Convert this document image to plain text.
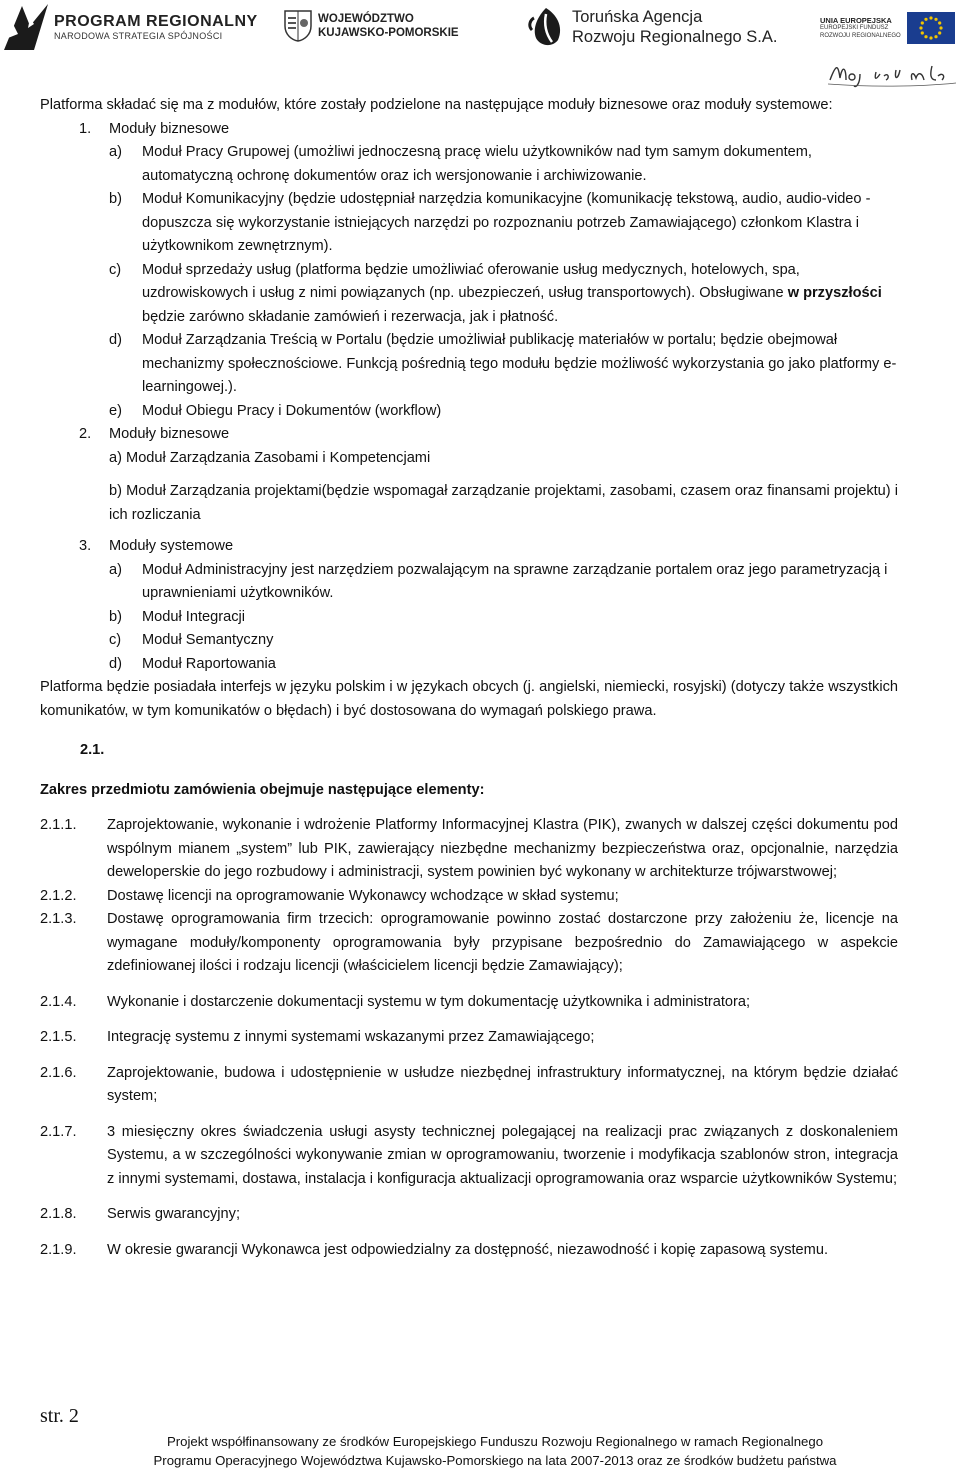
PROGRAM REGIONALNY
NARODOWA STRATEGIA SPÓJNOŚCI
WOJEWÓDZTWO
KUJAWSKO-POMORSKIE
Toruńska Agencja
Rozwoju Regionalnego S.A.
UNIA EUROPEJSKA
EUROPEJSKI FUNDUSZ
ROZWOJU REGIONALNEGO
Mój region w Europie

Platforma składać się ma z modułów, które zostały podzielone na następujące moduły biznesowe oraz moduły systemowe:

1.	Moduły biznesowe
a)	Moduł Pracy Grupowej (umożliwi jednoczesną pracę wielu użytkowników nad tym samym dokumentem, automatyczną ochronę dokumentów oraz ich wersjonowanie i archiwizowanie.
b)	Moduł Komunikacyjny (będzie udostępniał narzędzia komunikacyjne (komunikację tekstową, audio, audio-video - dopuszcza się wykorzystanie istniejących narzędzi po rozpoznaniu potrzeb Zamawiającego) członkom Klastra i użytkownikom zewnętrznym).
c)	Moduł sprzedaży usług (platforma będzie umożliwiać oferowanie usług medycznych, hotelowych, spa, uzdrowiskowych i usług z nimi powiązanych (np. ubezpieczeń, usług transportowych). Obsługiwane w przyszłości będzie zarówno składanie zamówień i rezerwacja, jak i płatność.
d)	Moduł Zarządzania Treścią w Portalu (będzie umożliwiał publikację materiałów w portalu; będzie obejmował mechanizmy społecznościowe. Funkcją pośrednią tego modułu będzie możliwość wykorzystania go jako platformy e-learningowej.).
e)	Moduł Obiegu Pracy i Dokumentów (workflow)
2.	Moduły biznesowe

a) Moduł Zarządzania Zasobami i Kompetencjami

b) Moduł Zarządzania projektami(będzie wspomagał zarządzanie projektami, zasobami, czasem oraz finansami projektu) i ich rozliczania

3.	Moduły systemowe
a)	Moduł Administracyjny jest narzędziem pozwalającym na sprawne zarządzanie portalem oraz jego parametryzacją i uprawnieniami użytkowników.
b)	Moduł Integracji
c)	Moduł Semantyczny
d)	Moduł Raportowania

Platforma będzie posiadała interfejs w języku polskim i w językach obcych (j. angielski, niemiecki, rosyjski) (dotyczy także wszystkich komunikatów, w tym komunikatów o błędach) i być dostosowana do wymagań polskiego prawa.

2.1.

Zakres przedmiotu zamówienia obejmuje następujące elementy:

2.1.1.	Zaprojektowanie, wykonanie i wdrożenie Platformy Informacyjnej Klastra (PIK), zwanych w dalszej części dokumentu pod wspólnym mianem „system” lub PIK, zawierający niezbędne mechanizmy bezpieczeństwa oraz, opcjonalnie, narzędzia deweloperskie do jego rozbudowy i administracji, system powinien być wykonany w architekturze trójwarstwowej;
2.1.2.	Dostawę licencji na oprogramowanie Wykonawcy wchodzące w skład systemu;
2.1.3.	Dostawę oprogramowania firm trzecich: oprogramowanie powinno zostać dostarczone przy założeniu że, licencje na wymagane moduły/komponenty oprogramowania były przypisane bezpośrednio do Zamawiającego w aspekcie zdefiniowanej ilości i rodzaju licencji (właścicielem licencji będzie Zamawiający);
2.1.4.	Wykonanie i dostarczenie dokumentacji systemu w tym dokumentację użytkownika i administratora;
2.1.5.	Integrację systemu z innymi systemami wskazanymi przez Zamawiającego;
2.1.6.	Zaprojektowanie, budowa i udostępnienie w usłudze niezbędnej infrastruktury informatycznej, na którym będzie działać system;
2.1.7.	3 miesięczny okres świadczenia usługi asysty technicznej polegającej na realizacji prac związanych z doskonaleniem Systemu, a w szczególności wykonywanie zmian w oprogramowaniu, tworzenie i modyfikacja szablonów stron, integracja z innymi systemami, dostawa, instalacja i konfiguracja aktualizacji oprogramowania oraz wsparcie użytkowników Systemu;
2.1.8.	Serwis gwarancyjny;
2.1.9.	W okresie gwarancji Wykonawca jest odpowiedzialny za dostępność, niezawodność i kopię zapasową systemu.
str. 2
Projekt współfinansowany ze środków Europejskiego Funduszu Rozwoju Regionalnego w ramach Regionalnego
Programu Operacyjnego Województwa Kujawsko-Pomorskiego na lata 2007-2013 oraz ze środków budżetu państwa
